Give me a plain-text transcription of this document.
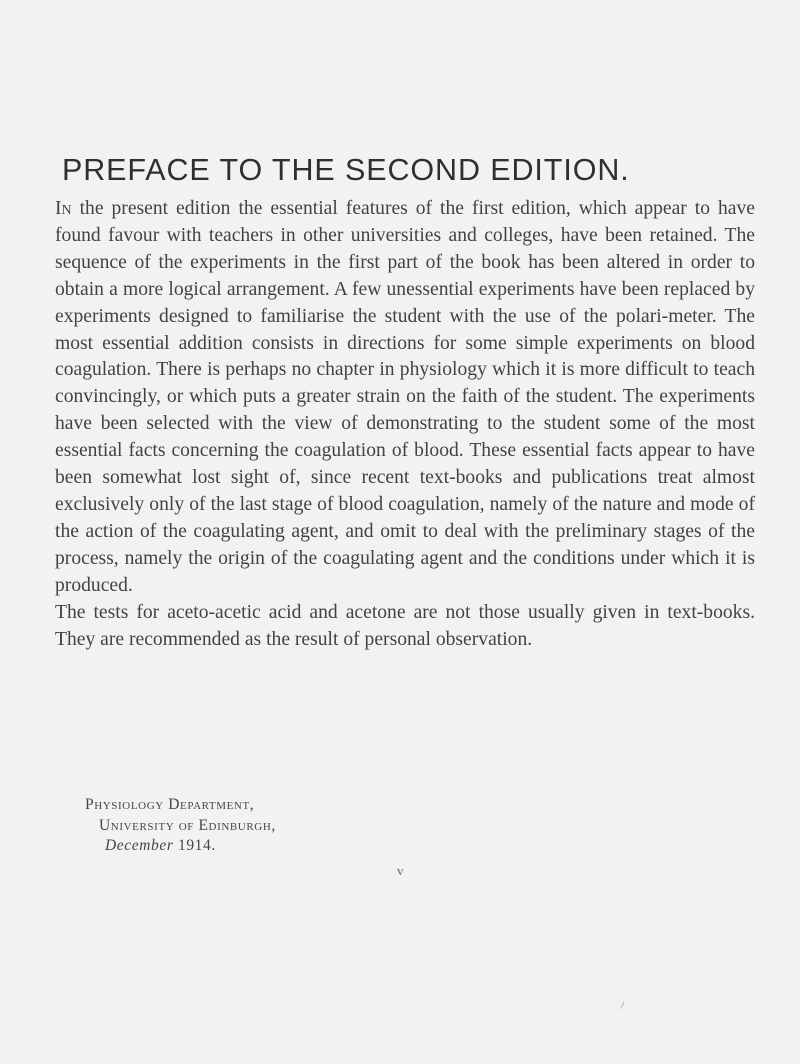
PREFACE TO THE SECOND EDITION.

In the present edition the essential features of the first edition, which appear to have found favour with teachers in other universities and colleges, have been retained. The sequence of the experiments in the first part of the book has been altered in order to obtain a more logical arrangement. A few unessential experiments have been replaced by experiments designed to familiarise the student with the use of the polari-meter. The most essential addition consists in directions for some simple experiments on blood coagulation. There is perhaps no chapter in physiology which it is more difficult to teach convincingly, or which puts a greater strain on the faith of the student. The experiments have been selected with the view of demonstrating to the student some of the most essential facts concerning the coagulation of blood. These essential facts appear to have been somewhat lost sight of, since recent text-books and publications treat almost exclusively only of the last stage of blood coagulation, namely of the nature and mode of the action of the coagulating agent, and omit to deal with the preliminary stages of the process, namely the origin of the coagulating agent and the conditions under which it is produced.

The tests for aceto-acetic acid and acetone are not those usually given in text-books. They are recommended as the result of personal observation.

Physiology Department,
University of Edinburgh,
December 1914.
v
